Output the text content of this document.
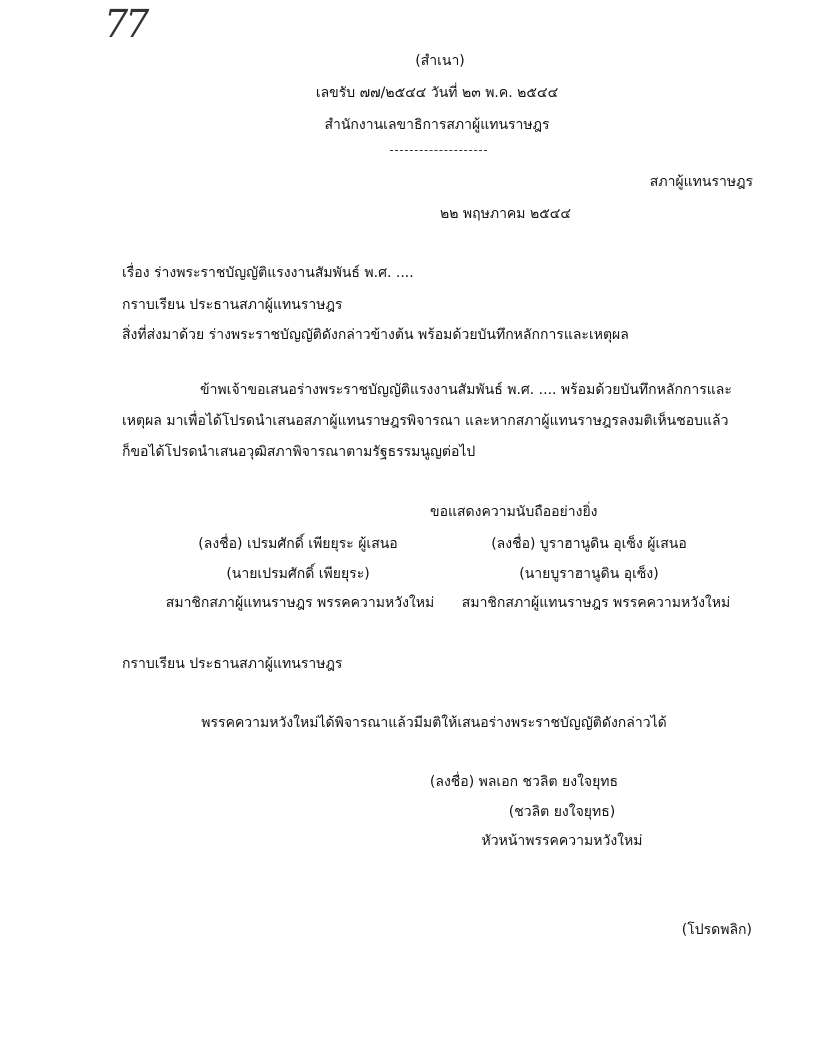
77
(สำเนา)
เลขรับ ๗๗/๒๕๔๔ วันที่ ๒๓ พ.ค. ๒๕๔๔
สำนักงานเลขาธิการสภาผู้แทนราษฎร
สภาผู้แทนราษฎร
๒๒ พฤษภาคม ๒๕๔๔
เรื่อง ร่างพระราชบัญญัติแรงงานสัมพันธ์ พ.ศ. ....
กราบเรียน ประธานสภาผู้แทนราษฎร
สิ่งที่ส่งมาด้วย ร่างพระราชบัญญัติดังกล่าวข้างต้น พร้อมด้วยบันทึกหลักการและเหตุผล
ข้าพเจ้าขอเสนอร่างพระราชบัญญัติแรงงานสัมพันธ์ พ.ศ. .... พร้อมด้วยบันทึกหลักการและ
เหตุผล มาเพื่อได้โปรดนำเสนอสภาผู้แทนราษฎรพิจารณา และหากสภาผู้แทนราษฎรลงมติเห็นชอบแล้ว
ก็ขอได้โปรดนำเสนอวุฒิสภาพิจารณาตามรัฐธรรมนูญต่อไป
ขอแสดงความนับถืออย่างยิ่ง
(ลงชื่อ) เปรมศักดิ์ เพียยุระ ผู้เสนอ
(นายเปรมศักดิ์ เพียยุระ)
สมาชิกสภาผู้แทนราษฎร พรรคความหวังใหม่
(ลงชื่อ) บูราฮานูดิน อุเซ็ง ผู้เสนอ
(นายบูราฮานูดิน อุเซ็ง)
สมาชิกสภาผู้แทนราษฎร พรรคความหวังใหม่
กราบเรียน ประธานสภาผู้แทนราษฎร
พรรคความหวังใหม่ได้พิจารณาแล้วมีมติให้เสนอร่างพระราชบัญญัติดังกล่าวได้
(ลงชื่อ) พลเอก ชวลิต ยงใจยุทธ
(ชวลิต ยงใจยุทธ)
หัวหน้าพรรคความหวังใหม่
(โปรดพลิก)
